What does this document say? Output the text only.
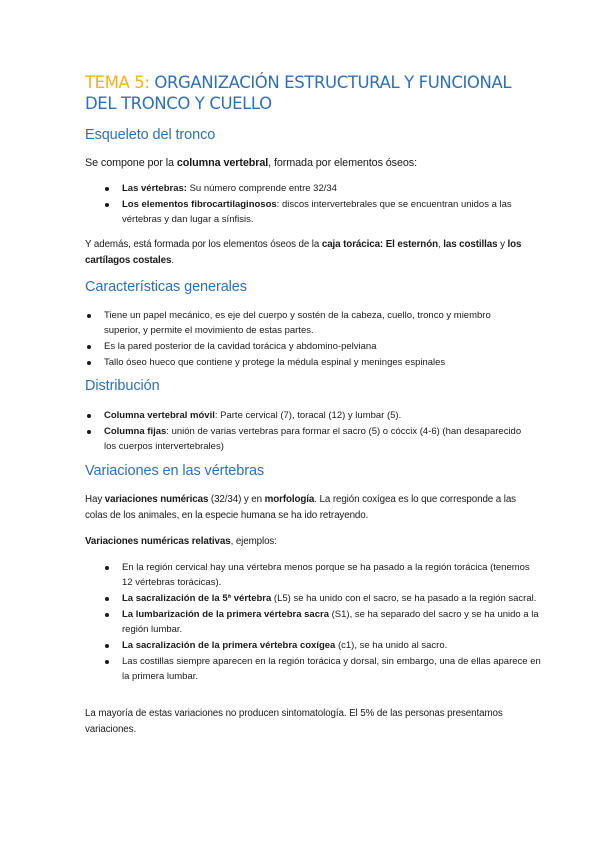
TEMA 5: ORGANIZACIÓN ESTRUCTURAL Y FUNCIONAL DEL TRONCO Y CUELLO
Esqueleto del tronco

Se compone por la columna vertebral, formada por elementos óseos:

Las vértebras: Su número comprende entre 32/34
Los elementos fibrocartilaginosos: discos intervertebrales que se encuentran unidos a las vértebras y dan lugar a sínfisis.

Y además, está formada por los elementos óseos de la caja torácica: El esternón, las costillas y los cartílagos costales.

Características generales
Tiene un papel mecánico, es eje del cuerpo y sostén de la cabeza, cuello, tronco y miembro superior, y permite el movimiento de estas partes.
Es la pared posterior de la cavidad torácica y abdomino-pelviana
Tallo óseo hueco que contiene y protege la médula espinal y meninges espinales
Distribución
Columna vertebral móvil: Parte cervical (7), toracal (12) y lumbar (5).
Columna fijas: unión de varias vertebras para formar el sacro (5) o cóccix (4-6) (han desaparecido los cuerpos intervertebrales)
Variaciones en las vértebras

Hay variaciones numéricas (32/34) y en morfología. La región coxígea es lo que corresponde a las colas de los animales, en la especie humana se ha ido retrayendo.

Variaciones numéricas relativas, ejemplos:

En la región cervical hay una vértebra menos porque se ha pasado a la región torácica (tenemos 12 vértebras torácicas).
La sacralización de la 5ª vértebra (L5) se ha unido con el sacro, se ha pasado a la región sacral.
La lumbarización de la primera vértebra sacra (S1), se ha separado del sacro y se ha unido a la región lumbar.
La sacralización de la primera vértebra coxígea (c1), se ha unido al sacro.
Las costillas siempre aparecen en la región torácica y dorsal, sin embargo, una de ellas aparece en la primera lumbar.

La mayoría de estas variaciones no producen sintomatología. El 5% de las personas presentamos variaciones.
